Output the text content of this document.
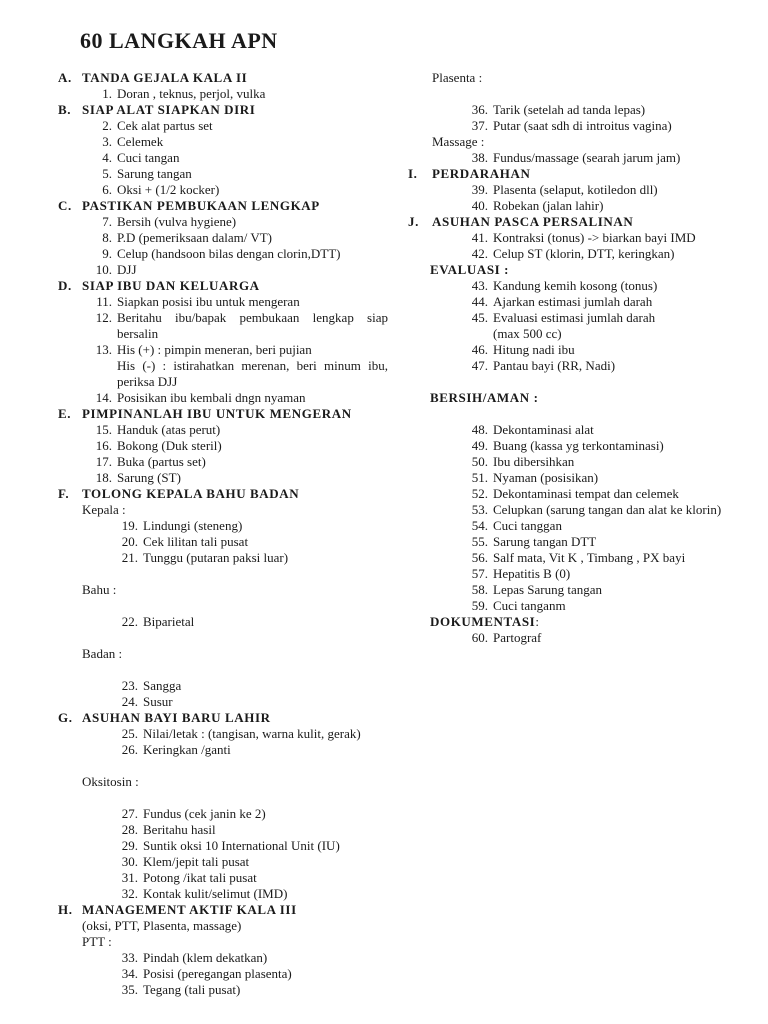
60 LANGKAH APN
A. TANDA GEJALA KALA II
1. Doran , teknus, perjol, vulka
B. SIAP ALAT SIAPKAN DIRI
2. Cek alat partus set
3. Celemek
4. Cuci tangan
5. Sarung tangan
6. Oksi + (1/2 kocker)
C. PASTIKAN PEMBUKAAN LENGKAP
7. Bersih (vulva hygiene)
8. P.D (pemeriksaan dalam/ VT)
9. Celup (handsoon bilas dengan clorin,DTT)
10. DJJ
D. SIAP IBU DAN KELUARGA
11. Siapkan posisi ibu untuk mengeran
12. Beritahu ibu/bapak pembukaan lengkap siap bersalin
13. His (+) : pimpin meneran, beri pujian
His (-) : istirahatkan merenan, beri minum ibu, periksa DJJ
14. Posisikan ibu kembali dngn nyaman
E. PIMPINANLAH IBU UNTUK MENGERAN
15. Handuk (atas perut)
16. Bokong (Duk steril)
17. Buka (partus set)
18. Sarung (ST)
F. TOLONG KEPALA BAHU BADAN
Kepala :
19. Lindungi (steneng)
20. Cek lilitan tali pusat
21. Tunggu (putaran paksi luar)
Bahu :
22. Biparietal
Badan :
23. Sangga
24. Susur
G. ASUHAN BAYI BARU LAHIR
25. Nilai/letak : (tangisan, warna kulit, gerak)
26. Keringkan /ganti
Oksitosin :
27. Fundus (cek janin ke 2)
28. Beritahu hasil
29. Suntik oksi 10 International Unit (IU)
30. Klem/jepit tali pusat
31. Potong /ikat tali pusat
32. Kontak kulit/selimut (IMD)
H. MANAGEMENT AKTIF KALA III
(oksi, PTT, Plasenta, massage)
PTT :
33. Pindah (klem dekatkan)
34. Posisi (peregangan plasenta)
35. Tegang (tali pusat)
Plasenta :
36. Tarik (setelah ad tanda lepas)
37. Putar (saat sdh di introitus vagina)
Massage :
38. Fundus/massage (searah jarum jam)
I.	PERDARAHAN
39. Plasenta (selaput, kotiledon dll)
40. Robekan (jalan lahir)
J.	ASUHAN PASCA PERSALINAN
41. Kontraksi (tonus) -> biarkan bayi IMD
42. Celup ST (klorin, DTT, keringkan)
EVALUASI :
43. Kandung kemih kosong (tonus)
44. Ajarkan estimasi jumlah darah
45. Evaluasi estimasi jumlah darah
(max 500 cc)
46. Hitung nadi ibu
47. Pantau bayi (RR, Nadi)
BERSIH/AMAN :
48. Dekontaminasi alat
49. Buang (kassa yg terkontaminasi)
50. Ibu dibersihkan
51. Nyaman (posisikan)
52. Dekontaminasi tempat dan celemek
53. Celupkan (sarung tangan dan alat ke klorin)
54. Cuci tanggan
55. Sarung tangan DTT
56. Salf mata, Vit K , Timbang , PX bayi
57. Hepatitis B (0)
58. Lepas Sarung tangan
59. Cuci tanganm
DOKUMENTASI :
60. Partograf
